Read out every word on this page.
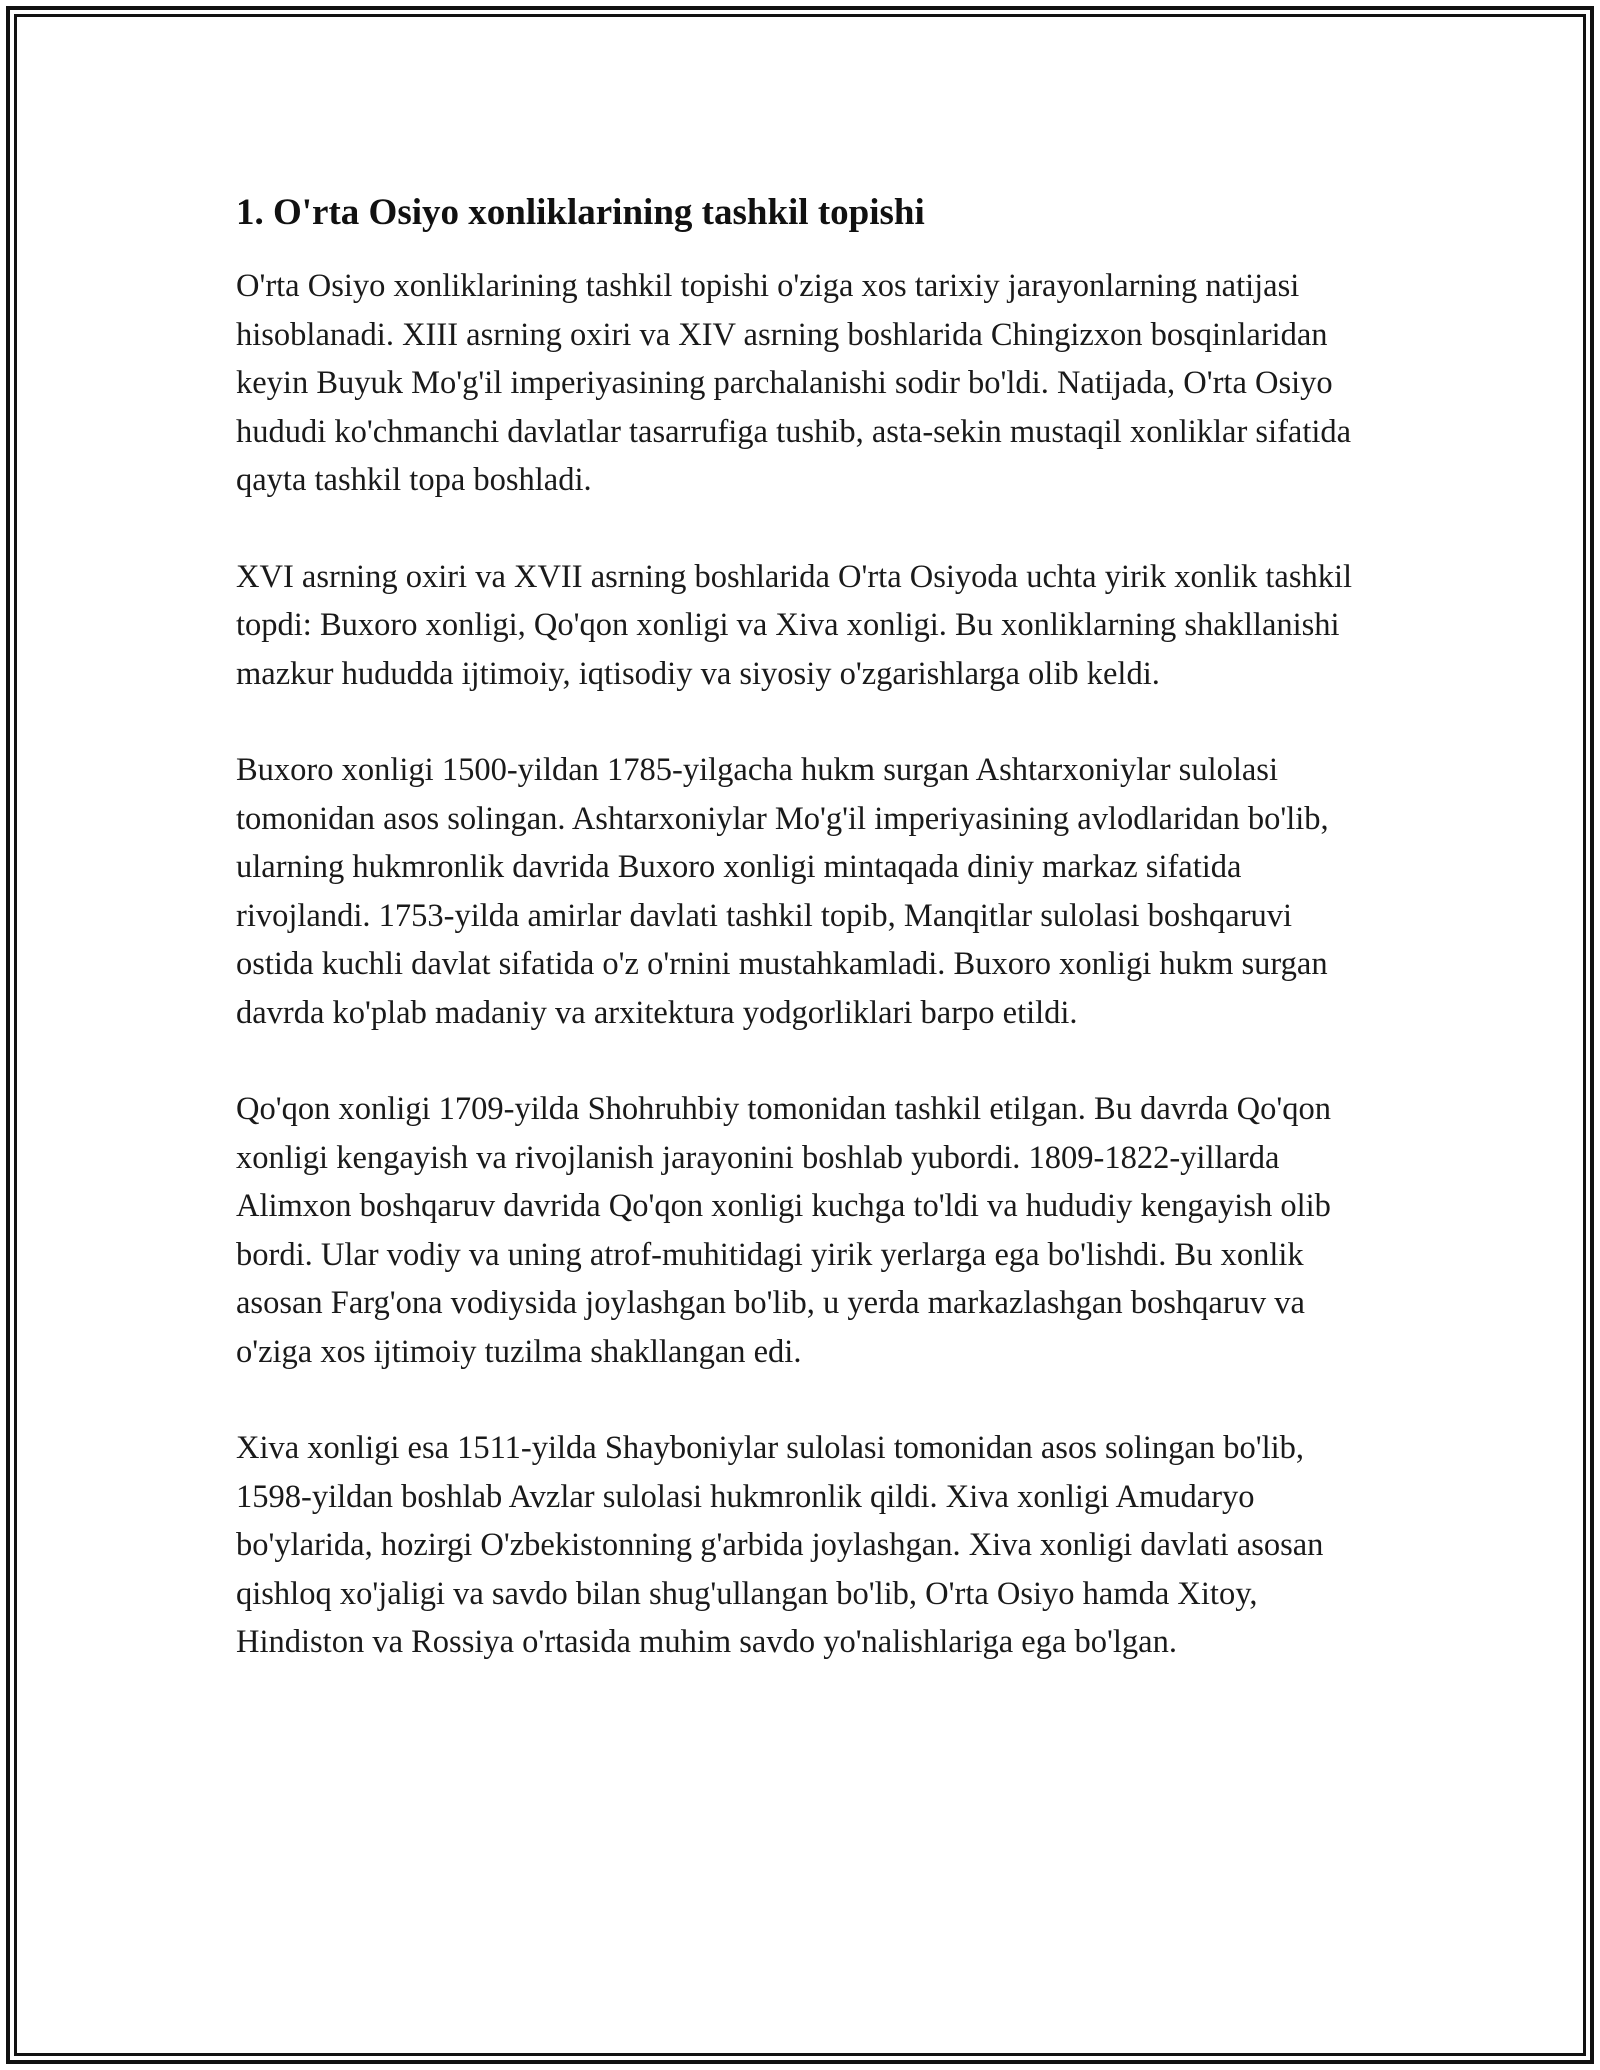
1. O'rta Osiyo xonliklarining tashkil topishi

O'rta Osiyo xonliklarining tashkil topishi o'ziga xos tarixiy jarayonlarning natijasi hisoblanadi. XIII asrning oxiri va XIV asrning boshlarida Chingizxon bosqinlaridan keyin Buyuk Mo'g'il imperiyasining parchalanishi sodir bo'ldi. Natijada, O'rta Osiyo hududi ko'chmanchi davlatlar tasarrufiga tushib, asta-sekin mustaqil xonliklar sifatida qayta tashkil topa boshladi.

XVI asrning oxiri va XVII asrning boshlarida O'rta Osiyoda uchta yirik xonlik tashkil topdi: Buxoro xonligi, Qo'qon xonligi va Xiva xonligi. Bu xonliklarning shakllanishi mazkur hududda ijtimoiy, iqtisodiy va siyosiy o'zgarishlarga olib keldi.

Buxoro xonligi 1500-yildan 1785-yilgacha hukm surgan Ashtarxoniylar sulolasi tomonidan asos solingan. Ashtarxoniylar Mo'g'il imperiyasining avlodlaridan bo'lib, ularning hukmronlik davrida Buxoro xonligi mintaqada diniy markaz sifatida rivojlandi. 1753-yilda amirlar davlati tashkil topib, Manqitlar sulolasi boshqaruvi ostida kuchli davlat sifatida o'z o'rnini mustahkamladi. Buxoro xonligi hukm surgan davrda ko'plab madaniy va arxitektura yodgorliklari barpo etildi.

Qo'qon xonligi 1709-yilda Shohruhbiy tomonidan tashkil etilgan. Bu davrda Qo'qon xonligi kengayish va rivojlanish jarayonini boshlab yubordi. 1809-1822-yillarda Alimxon boshqaruv davrida Qo'qon xonligi kuchga to'ldi va hududiy kengayish olib bordi. Ular vodiy va uning atrof-muhitidagi yirik yerlarga ega bo'lishdi. Bu xonlik asosan Farg'ona vodiysida joylashgan bo'lib, u yerda markazlashgan boshqaruv va o'ziga xos ijtimoiy tuzilma shakllangan edi.

Xiva xonligi esa 1511-yilda Shayboniylar sulolasi tomonidan asos solingan bo'lib, 1598-yildan boshlab Avzlar sulolasi hukmronlik qildi. Xiva xonligi Amudaryo bo'ylarida, hozirgi O'zbekistonning g'arbida joylashgan. Xiva xonligi davlati asosan qishloq xo'jaligi va savdo bilan shug'ullangan bo'lib, O'rta Osiyo hamda Xitoy, Hindiston va Rossiya o'rtasida muhim savdo yo'nalishlariga ega bo'lgan.
